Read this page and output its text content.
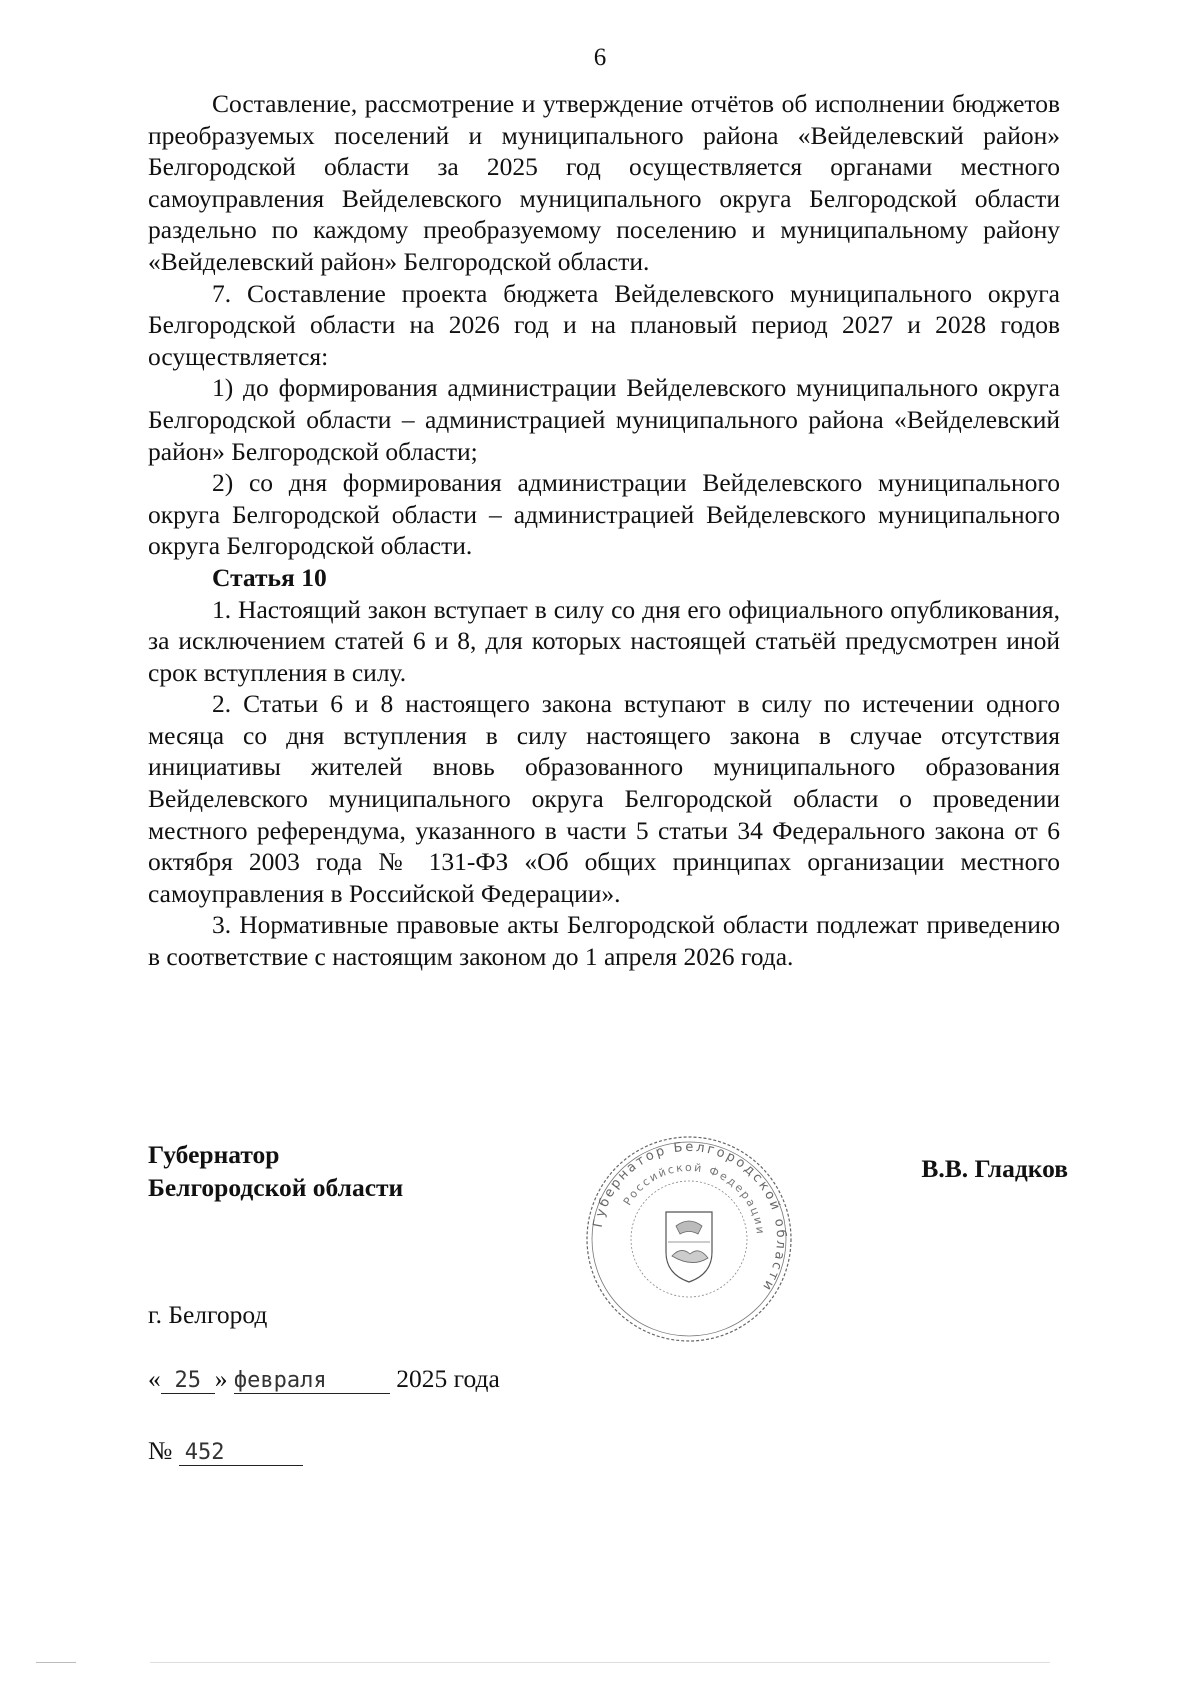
6

Составление, рассмотрение и утверждение отчётов об исполнении бюджетов преобразуемых поселений и муниципального района «Вейделевский район» Белгородской области за 2025 год осуществляется органами местного самоуправления Вейделевского муниципального округа Белгородской области раздельно по каждому преобразуемому поселению и муниципальному району «Вейделевский район» Белгородской области.

7. Составление проекта бюджета Вейделевского муниципального округа Белгородской области на 2026 год и на плановый период 2027 и 2028 годов осуществляется:

1) до формирования администрации Вейделевского муниципального округа Белгородской области – администрацией муниципального района «Вейделевский район» Белгородской области;

2) со дня формирования администрации Вейделевского муниципального округа Белгородской области – администрацией Вейделевского муниципального округа Белгородской области.

Статья 10

1. Настоящий закон вступает в силу со дня его официального опубликования, за исключением статей 6 и 8, для которых настоящей статьёй предусмотрен иной срок вступления в силу.

2. Статьи 6 и 8 настоящего закона вступают в силу по истечении одного месяца со дня вступления в силу настоящего закона в случае отсутствия инициативы жителей вновь образованного муниципального образования Вейделевского муниципального округа Белгородской области о проведении местного референдума, указанного в части 5 статьи 34 Федерального закона от 6 октября 2003 года № 131-ФЗ «Об общих принципах организации местного самоуправления в Российской Федерации».

3. Нормативные правовые акты Белгородской области подлежат приведению в соответствие с настоящим законом до 1 апреля 2026 года.

Губернатор
Белгородской области
В.В. Гладков
Губернатор Белгородской области
Российской Федерации
г. Белгород
« 25 » февраля	2025 года
№ 452
